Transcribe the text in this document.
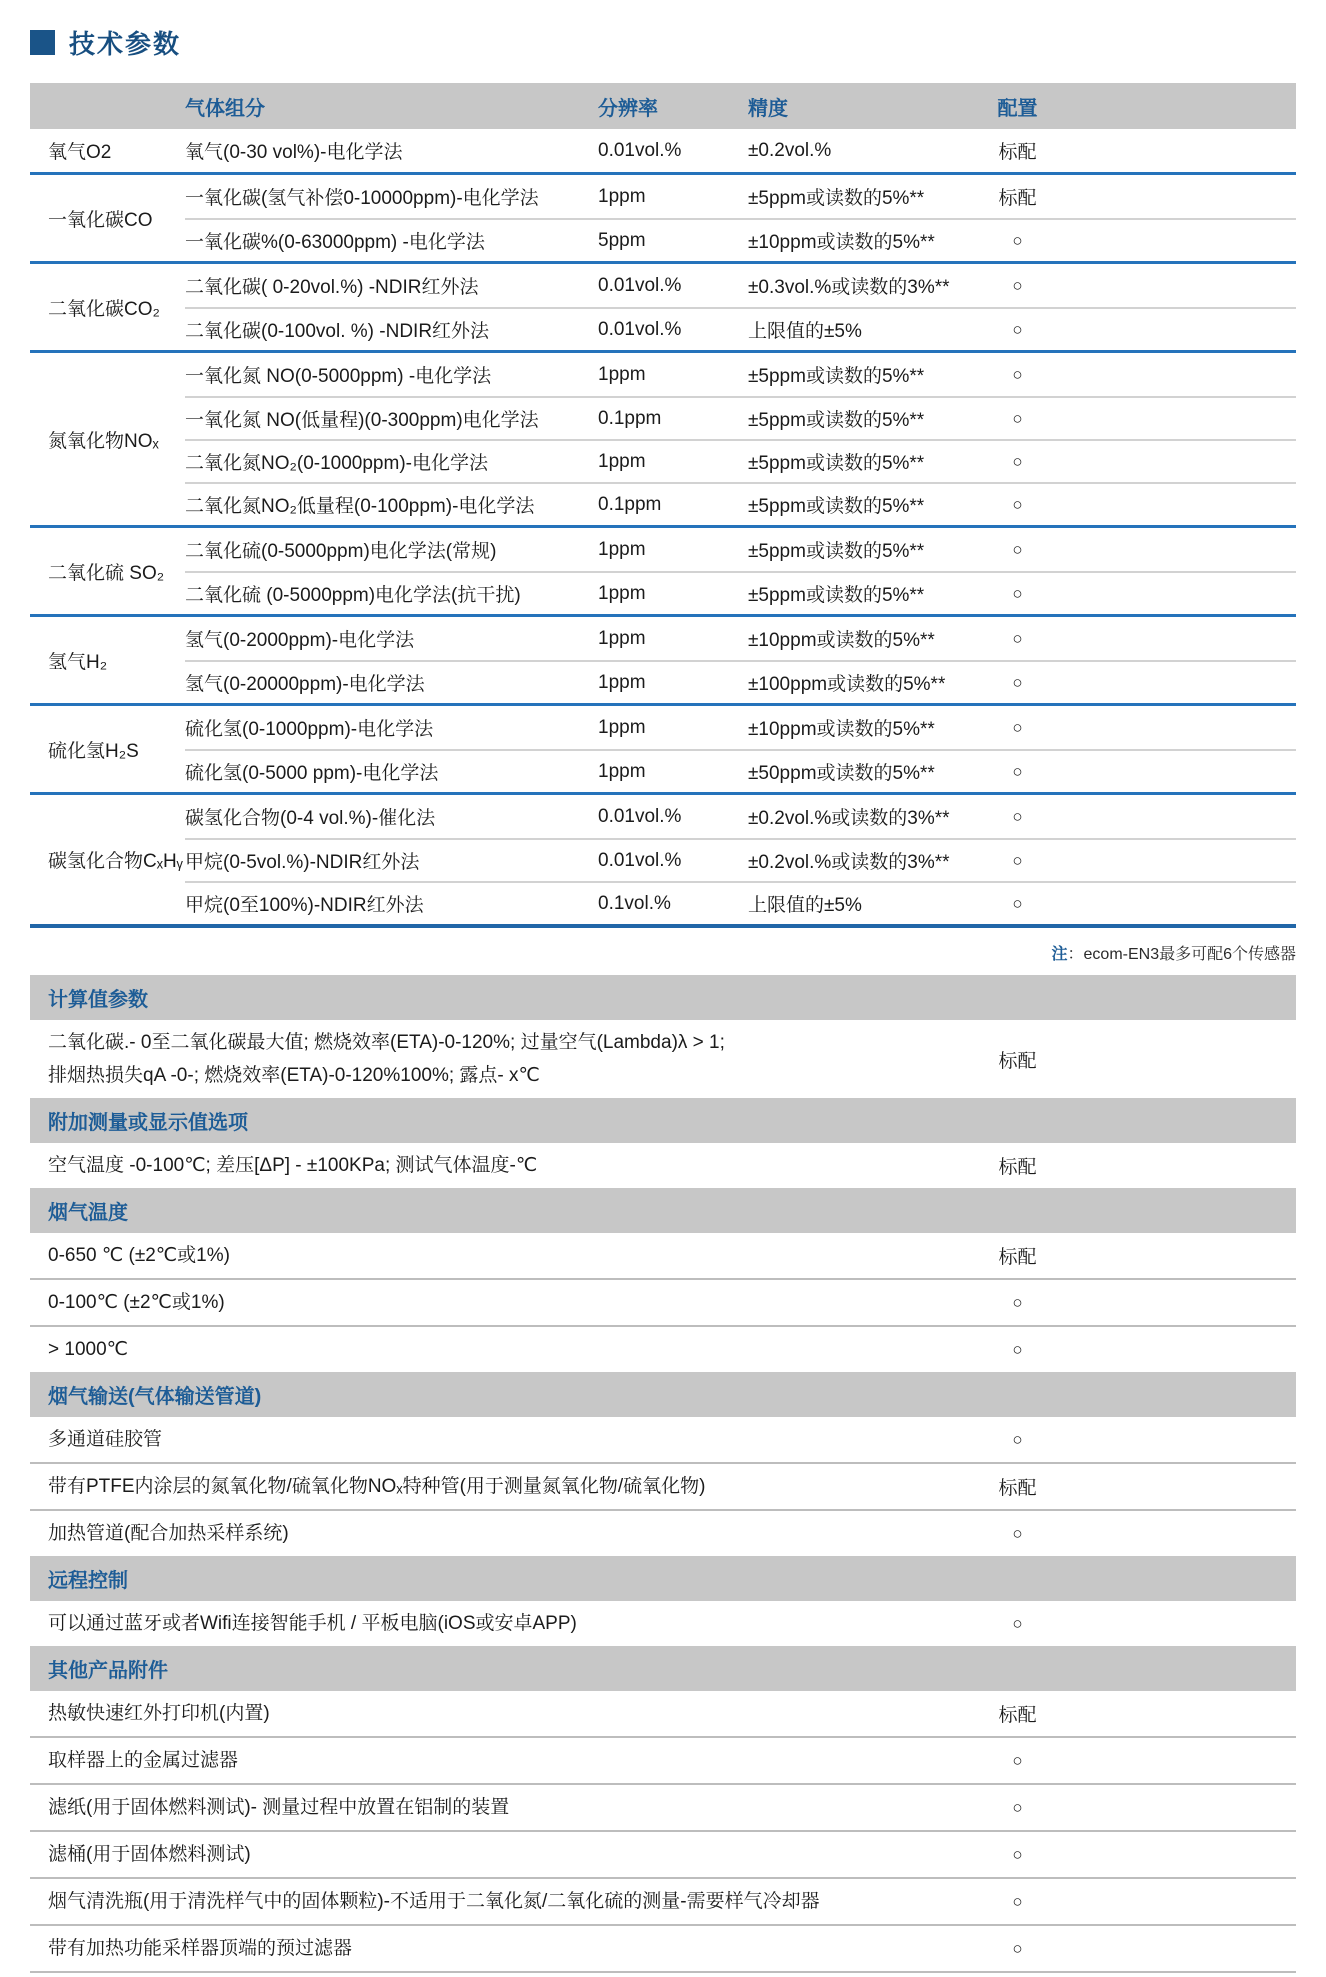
技术参数
气体组分	分辨率	精度	配置
氧气O2	氧气(0-30 vol%)-电化学法	0.01vol.%	±0.2vol.%	标配
一氧化碳CO
一氧化碳(氢气补偿0-10000ppm)-电化学法	1ppm	±5ppm或读数的5%**	标配
一氧化碳%(0-63000ppm) -电化学法	5ppm	±10ppm或读数的5%**	○
二氧化碳CO₂
二氧化碳( 0-20vol.%) -NDIR红外法	0.01vol.%	±0.3vol.%或读数的3%**	○
二氧化碳(0-100vol. %) -NDIR红外法	0.01vol.%	上限值的±5%	○
氮氧化物NOₓ
一氧化氮 NO(0-5000ppm) -电化学法	1ppm	±5ppm或读数的5%**	○
一氧化氮 NO(低量程)(0-300ppm)电化学法	0.1ppm	±5ppm或读数的5%**	○
二氧化氮NO₂(0-1000ppm)-电化学法	1ppm	±5ppm或读数的5%**	○
二氧化氮NO₂低量程(0-100ppm)-电化学法	0.1ppm	±5ppm或读数的5%**	○
二氧化硫 SO₂
二氧化硫(0-5000ppm)电化学法(常规)	1ppm	±5ppm或读数的5%**	○
二氧化硫 (0-5000ppm)电化学法(抗干扰)	1ppm	±5ppm或读数的5%**	○
氢气H₂
氢气(0-2000ppm)-电化学法	1ppm	±10ppm或读数的5%**	○
氢气(0-20000ppm)-电化学法	1ppm	±100ppm或读数的5%**	○
硫化氢H₂S
硫化氢(0-1000ppm)-电化学法	1ppm	±10ppm或读数的5%**	○
硫化氢(0-5000 ppm)-电化学法	1ppm	±50ppm或读数的5%**	○
碳氢化合物CₓHᵧ
碳氢化合物(0-4 vol.%)-催化法	0.01vol.%	±0.2vol.%或读数的3%**	○
甲烷(0-5vol.%)-NDIR红外法	0.01vol.%	±0.2vol.%或读数的3%**	○
甲烷(0至100%)-NDIR红外法	0.1vol.%	上限值的±5%	○
注：ecom-EN3最多可配6个传感器
计算值参数
二氧化碳.- 0至二氧化碳最大值; 燃烧效率(ETA)-0-120%; 过量空气(Lambda)λ > 1;
排烟热损失qA -0-; 燃烧效率(ETA)-0-120%100%; 露点- x℃
标配
附加测量或显示值选项
空气温度 -0-100℃; 差压[ΔP] - ±100KPa; 测试气体温度-℃	标配
烟气温度
0-650 ℃ (±2℃或1%)	标配
0-100℃ (±2℃或1%)	○
> 1000℃	○
烟气输送(气体输送管道)
多通道硅胶管	○
带有PTFE内涂层的氮氧化物/硫氧化物NOₓ特种管(用于测量氮氧化物/硫氧化物)	标配
加热管道(配合加热采样系统)	○
远程控制
可以通过蓝牙或者Wifi连接智能手机 / 平板电脑(iOS或安卓APP)	○
其他产品附件
热敏快速红外打印机(内置)	标配
取样器上的金属过滤器	○
滤纸(用于固体燃料测试)- 测量过程中放置在铝制的装置	○
滤桶(用于固体燃料测试)	○
烟气清洗瓶(用于清洗样气中的固体颗粒)-不适用于二氧化氮/二氧化硫的测量-需要样气冷却器	○
带有加热功能采样器顶端的预过滤器	○
